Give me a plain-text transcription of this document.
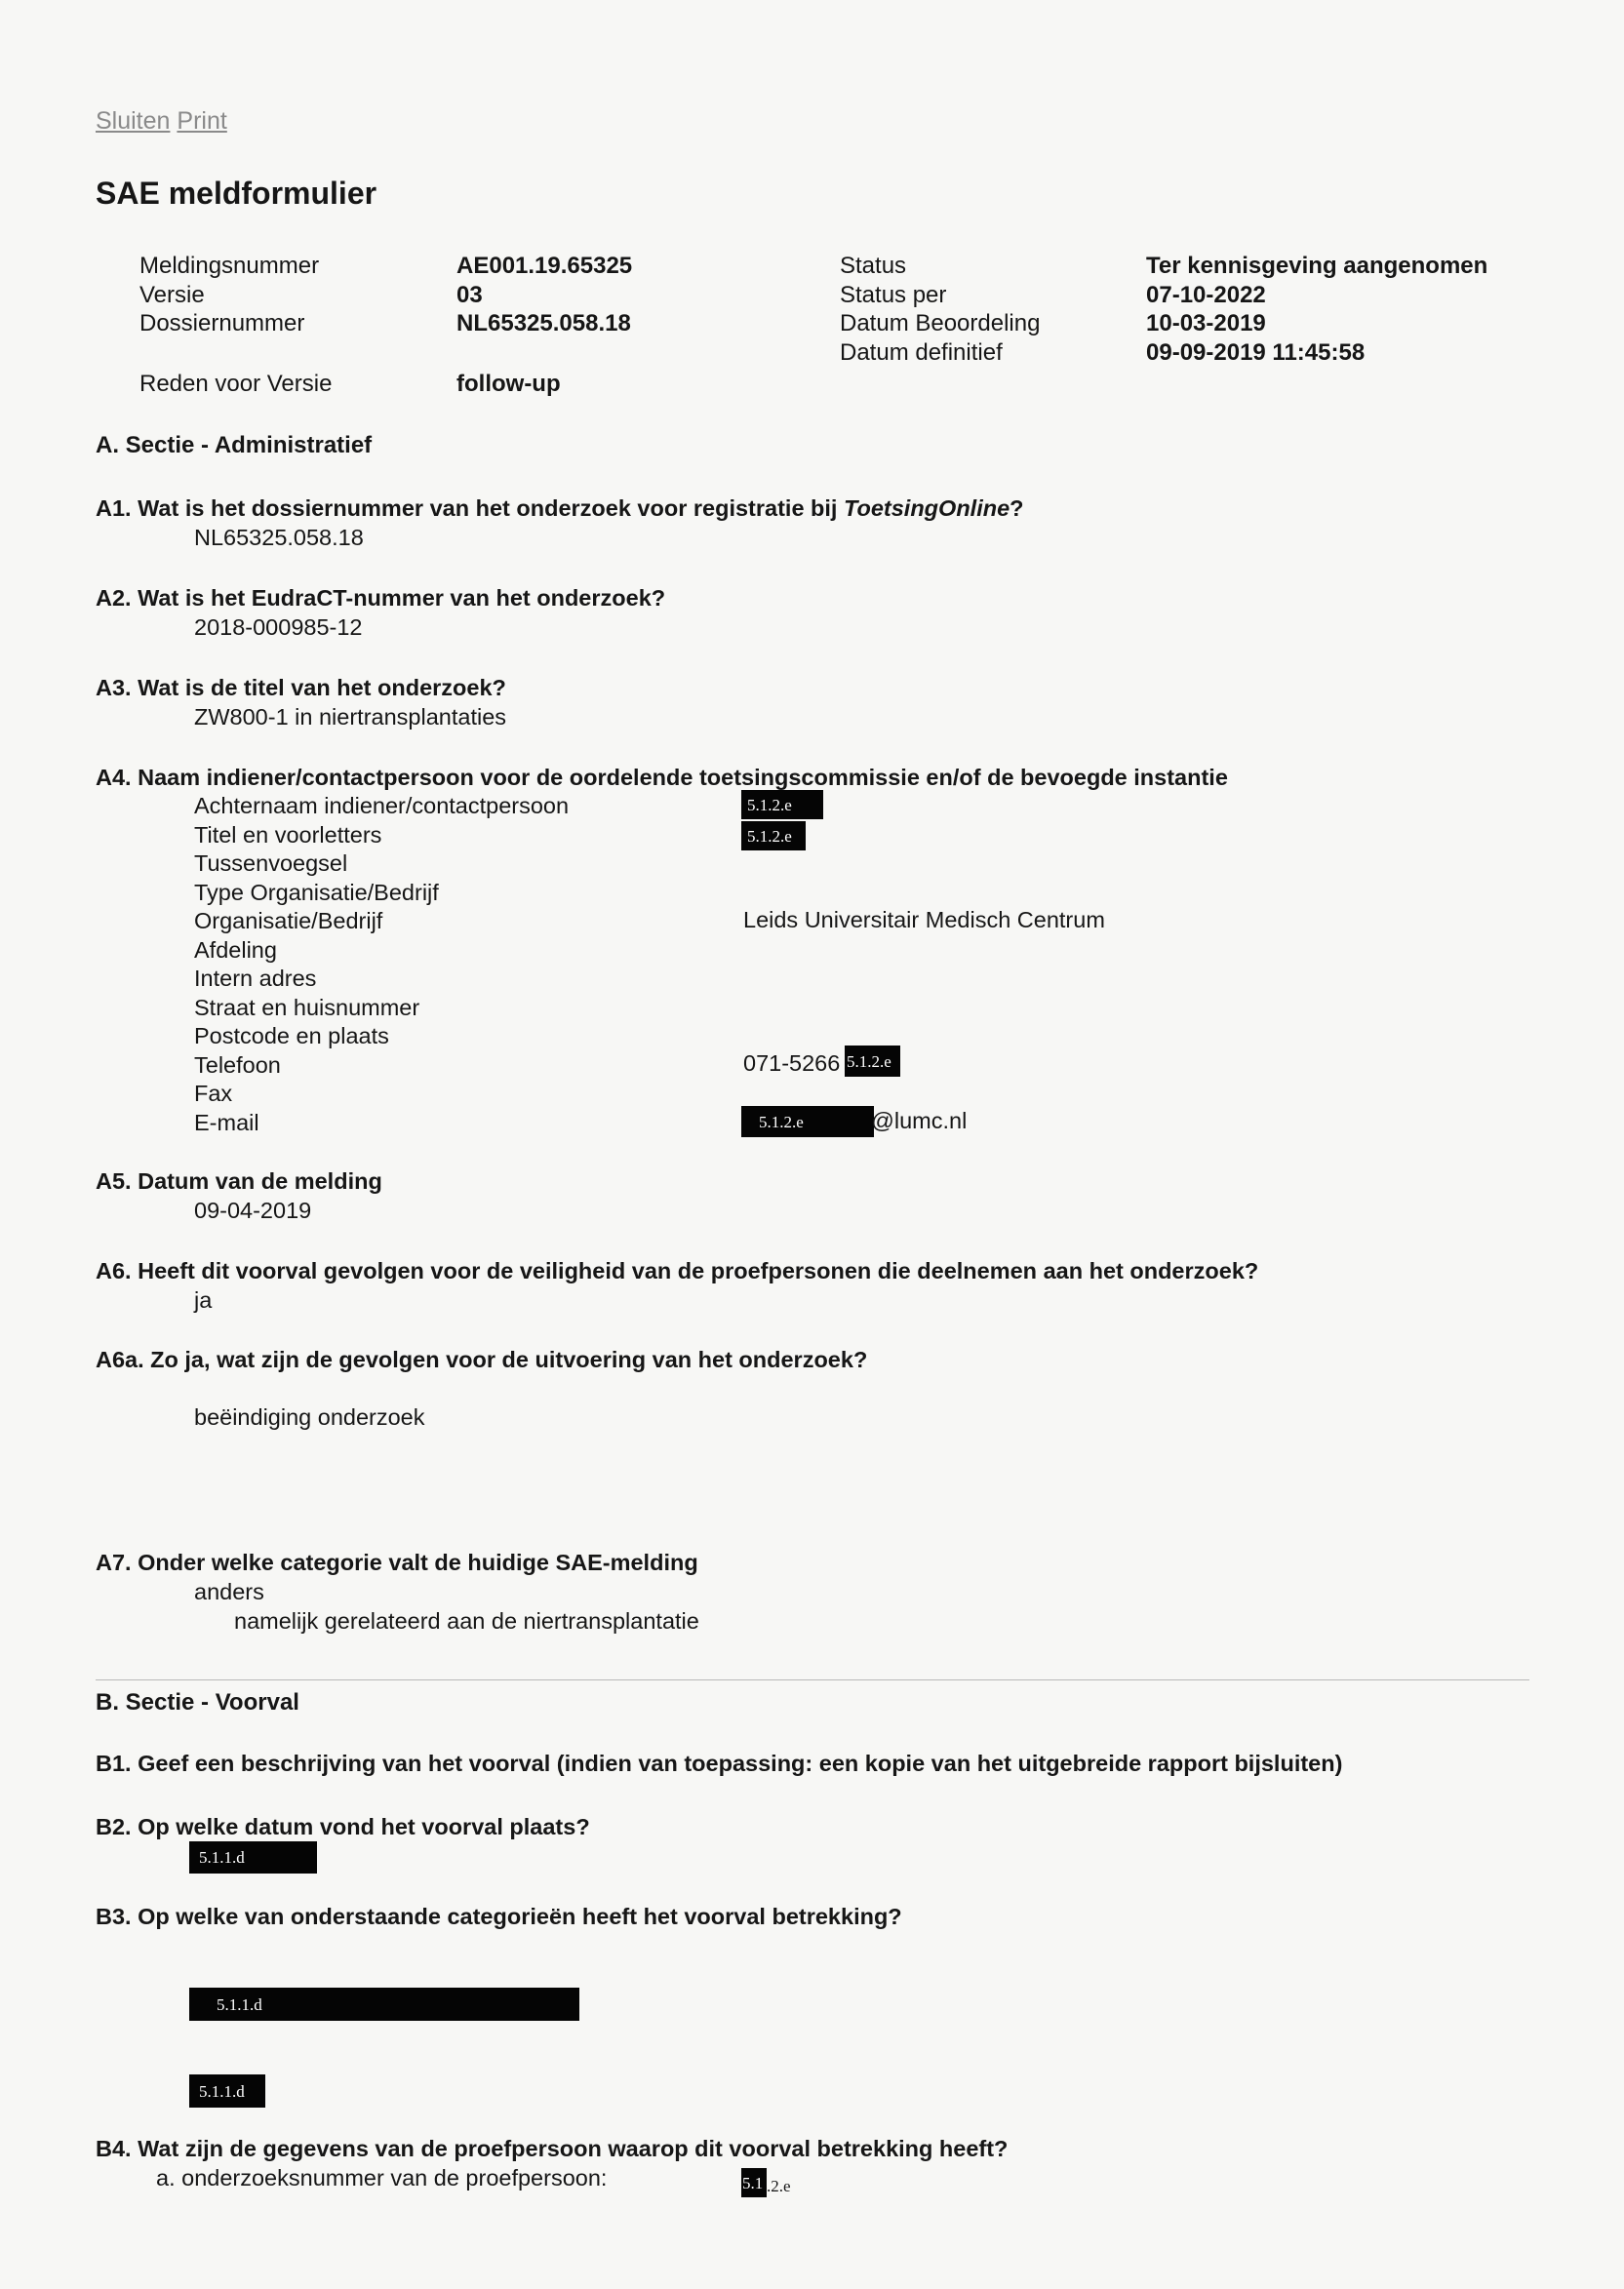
Sluiten Print
SAE meldformulier
Meldingsnummer
Versie
Dossiernummer
Reden voor Versie
AE001.19.65325
03
NL65325.058.18
follow-up
Status
Status per
Datum Beoordeling
Datum definitief
Ter kennisgeving aangenomen
07-10-2022
10-03-2019
09-09-2019 11:45:58
A. Sectie - Administratief
A1. Wat is het dossiernummer van het onderzoek voor registratie bij ToetsingOnline?
NL65325.058.18
A2. Wat is het EudraCT-nummer van het onderzoek?
2018-000985-12
A3. Wat is de titel van het onderzoek?
ZW800-1 in niertransplantaties
A4. Naam indiener/contactpersoon voor de oordelende toetsingscommissie en/of de bevoegde instantie
Achternaam indiener/contactpersoon
Titel en voorletters
Tussenvoegsel
Type Organisatie/Bedrijf
Organisatie/Bedrijf
Afdeling
Intern adres
Straat en huisnummer
Postcode en plaats
Telefoon
Fax
E-mail
5.1.2.e
5.1.2.e
Leids Universitair Medisch Centrum
071-5266 5.1.2.e
5.1.2.e	@lumc.nl
A5. Datum van de melding
09-04-2019
A6. Heeft dit voorval gevolgen voor de veiligheid van de proefpersonen die deelnemen aan het onderzoek?
ja
A6a. Zo ja, wat zijn de gevolgen voor de uitvoering van het onderzoek?
beëindiging onderzoek
A7. Onder welke categorie valt de huidige SAE-melding
anders
namelijk gerelateerd aan de niertransplantatie
B. Sectie - Voorval
B1. Geef een beschrijving van het voorval (indien van toepassing: een kopie van het uitgebreide rapport bijsluiten)
B2. Op welke datum vond het voorval plaats?
5.1.1.d
B3. Op welke van onderstaande categorieën heeft het voorval betrekking?
5.1.1.d
5.1.1.d
B4. Wat zijn de gegevens van de proefpersoon waarop dit voorval betrekking heeft?
a. onderzoeksnummer van de proefpersoon:	5.1 .2.e
